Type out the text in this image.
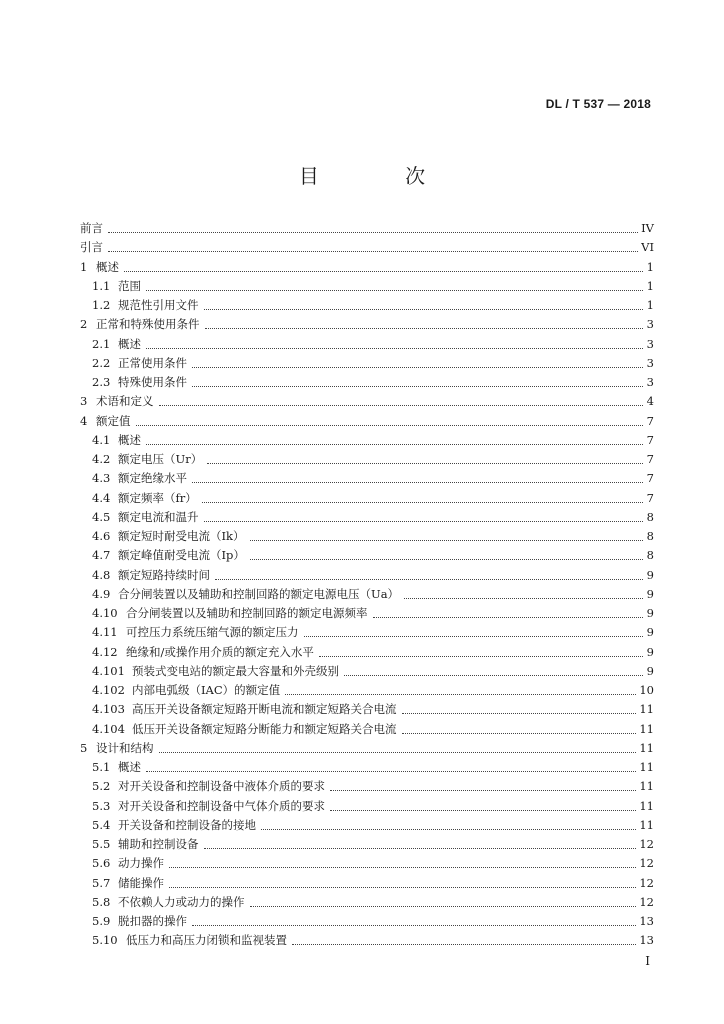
DL / T 537 — 2018
目 次
前言	IV
引言	VI
1 概述	1
1.1 范围	1
1.2 规范性引用文件	1
2 正常和特殊使用条件	3
2.1 概述	3
2.2 正常使用条件	3
2.3 特殊使用条件	3
3 术语和定义	4
4 额定值	7
4.1 概述	7
4.2 额定电压（Ur）	7
4.3 额定绝缘水平	7
4.4 额定频率（fr）	7
4.5 额定电流和温升	8
4.6 额定短时耐受电流（Ik）	8
4.7 额定峰值耐受电流（Ip）	8
4.8 额定短路持续时间	9
4.9 合分闸装置以及辅助和控制回路的额定电源电压（Ua）	9
4.10 合分闸装置以及辅助和控制回路的额定电源频率	9
4.11 可控压力系统压缩气源的额定压力	9
4.12 绝缘和/或操作用介质的额定充入水平	9
4.101 预装式变电站的额定最大容量和外壳级别	9
4.102 内部电弧级（IAC）的额定值	10
4.103 高压开关设备额定短路开断电流和额定短路关合电流	11
4.104 低压开关设备额定短路分断能力和额定短路关合电流	11
5 设计和结构	11
5.1 概述	11
5.2 对开关设备和控制设备中液体介质的要求	11
5.3 对开关设备和控制设备中气体介质的要求	11
5.4 开关设备和控制设备的接地	11
5.5 辅助和控制设备	12
5.6 动力操作	12
5.7 储能操作	12
5.8 不依赖人力或动力的操作	12
5.9 脱扣器的操作	13
5.10 低压力和高压力闭锁和监视装置	13
I
